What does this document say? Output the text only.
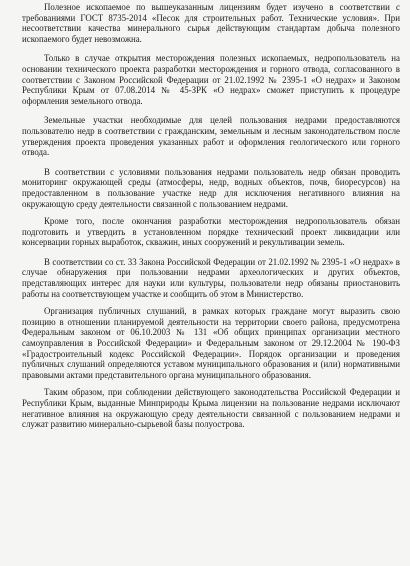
Полезное ископаемое по вышеуказанным лицензиям будет изучено в соответствии с требованиями ГОСТ 8735-2014 «Песок для строительных работ. Технические условия». При несоответствии качества минерального сырья действующим стандартам добыча полезного ископаемого будет невозможна.

Только в случае открытия месторождения полезных ископаемых, недропользователь на основании технического проекта разработки месторождения и горного отвода, согласованного в соответствии с Законом Российской Федерации от 21.02.1992 № 2395-1 «О недрах» и Законом Республики Крым от 07.08.2014 № 45-ЗРК «О недрах» сможет приступить к процедуре оформления земельного отвода.

Земельные участки необходимые для целей пользования недрами предоставляются пользователю недр в соответствии с гражданским, земельным и лесным законодательством после утверждения проекта проведения указанных работ и оформления геологического или горного отвода.

В соответствии с условиями пользования недрами пользователь недр обязан проводить мониторинг окружающей среды (атмосферы, недр, водных объектов, почв, биоресурсов) на предоставленном в пользование участке недр для исключения негативного влияния на окружающую среду деятельности связанной с пользованием недрами.

Кроме того, после окончания разработки месторождения недропользователь обязан подготовить и утвердить в установленном порядке технический проект ликвидации или консервации горных выработок, скважин, иных сооружений и рекультивации земель.

В соответствии со ст. 33 Закона Российской Федерации от 21.02.1992 № 2395-1 «О недрах» в случае обнаружения при пользовании недрами археологических и других объектов, представляющих интерес для науки или культуры, пользователи недр обязаны приостановить работы на соответствующем участке и сообщить об этом в Министерство.

Организация публичных слушаний, в рамках которых граждане могут выразить свою позицию в отношении планируемой деятельности на территории своего района, предусмотрена Федеральным законом от 06.10.2003 № 131 «Об общих принципах организации местного самоуправления в Российской Федерации» и Федеральным законом от 29.12.2004 № 190-ФЗ «Градостроительный кодекс Российской Федерации». Порядок организации и проведения публичных слушаний определяются уставом муниципального образования и (или) нормативными правовыми актами представительного органа муниципального образования.

Таким образом, при соблюдении действующего законодательства Российской Федерации и Республики Крым, выданные Минприроды Крыма лицензии на пользование недрами исключают негативное влияния на окружающую среду деятельности связанной с пользованием недрами и служат развитию минерально-сырьевой базы полуострова.
